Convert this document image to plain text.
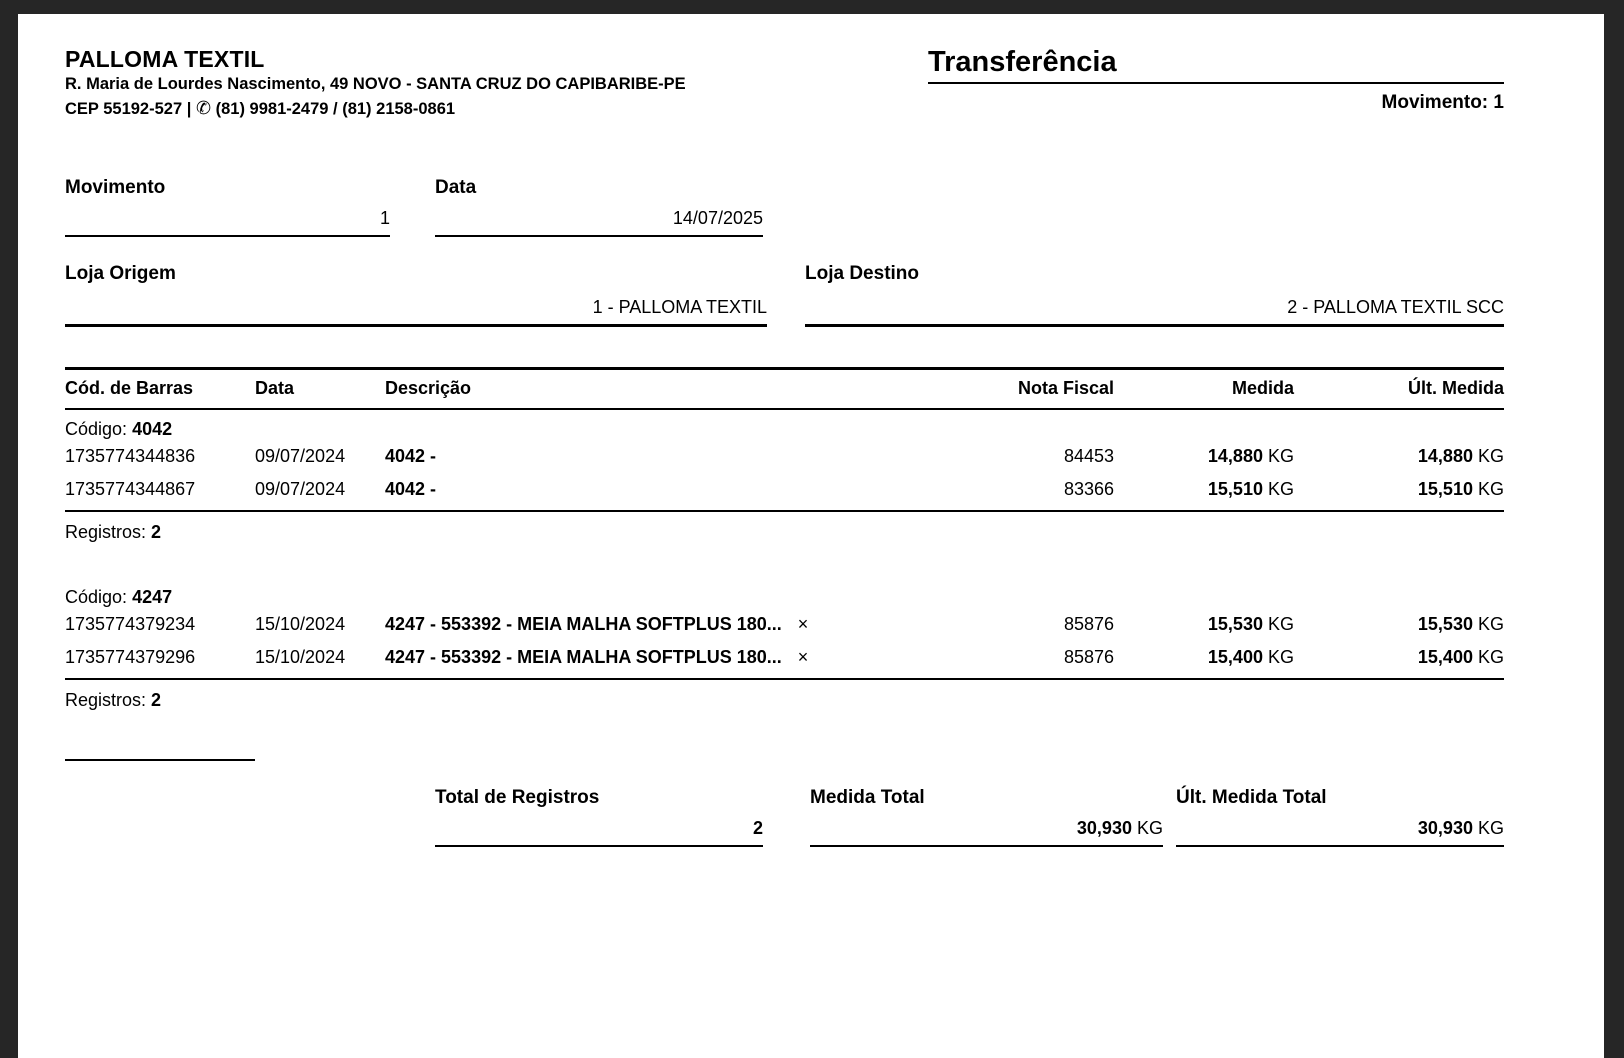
PALLOMA TEXTIL
R. Maria de Lourdes Nascimento, 49 NOVO - SANTA CRUZ DO CAPIBARIBE-PE
CEP 55192-527 | ✆ (81) 9981-2479 / (81) 2158-0861
Transferência
Movimento: 1
Movimento
1
Data
14/07/2025
Loja Origem
1 - PALLOMA TEXTIL
Loja Destino
2 - PALLOMA TEXTIL SCC
Cód. de Barras	Data	Descrição	Nota Fiscal	Medida	Últ. Medida
Código: 4042
1735774344836	09/07/2024	4042 -	84453	14,880 KG	14,880 KG
1735774344867	09/07/2024	4042 -	83366	15,510 KG	15,510 KG
Registros: 2
Código: 4247
1735774379234	15/10/2024	4247 - 553392 - MEIA MALHA SOFTPLUS 180... ×	85876	15,530 KG	15,530 KG
1735774379296	15/10/2024	4247 - 553392 - MEIA MALHA SOFTPLUS 180... ×	85876	15,400 KG	15,400 KG
Registros: 2
Total de Registros
2
Medida Total
30,930 KG
Últ. Medida Total
30,930 KG
